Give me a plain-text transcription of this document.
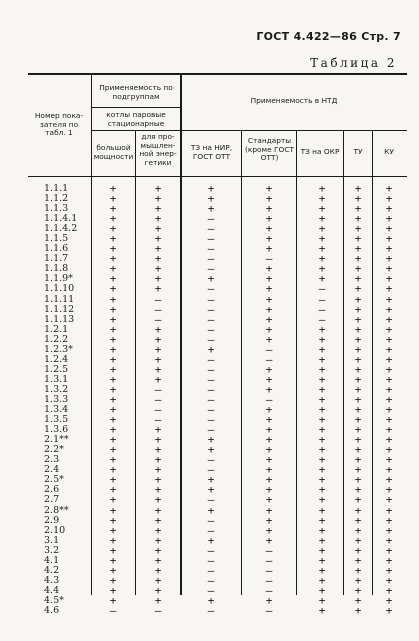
ГОСТ 4.422—86 Стр. 7
Таблица 2
Номер пока-зателя по табл. 1
Применяемость по подгруппам
котлы паровые стационарные
большой мощности
для про-мышлен-ной энер-гетики
Применяемость в НТД
ТЗ на НИР, ГОСТ ОТТ
Стандарты (кроме ГОСТ ОТТ)
ТЗ на ОКР	ТУ	КУ
1.1.1
1.1.2
1.1.3
1.1.4.1
1.1.4.2
1.1.5
1.1.6
1.1.7
1.1.8
1.1.9*
1.1.10
1.1.11
1.1.12
1.1.13
1.2.1
1.2.2
1.2.3*
1.2.4
1.2.5
1.3.1
1.3.2
1.3.3
1.3.4
1.3.5
1.3.6
2.1**
2.2*
2.3
2.4
2.5*
2.6
2.7
2.8**
2.9
2.10
3.1
3.2
4.1
4.2
4.3
4.4
4.5*
4.6
+
+
+
+
+
+
+
+
+
+
+
+
+
+
+
+
+
+
+
+
+
+
+
+
+
+
+
+
+
+
+
+
+
+
+
+
+
+
+
+
+
+
—
+
+
+
+
+
+
+
+
+
+
+
—
—
—
+
+
+
+
+
+
—
—
—
—
+
+
+
+
+
+
+
+
+
+
+
+
+
+
+
+
+
+
—
+
+
+
—
—
—
—
—
—
+
—
—
—
—
—
—
+
—
—
—
—
—
—
—
—
+
+
—
—
+
+
—
+
—
—
+
—
—
—
—
—
+
—
+
+
+
+
+
+
+
—
+
+
+
+
+
+
+
+
—
—
+
+
+
—
+
+
+
+
+
+
+
+
+
+
+
+
+
+
—
—
—
—
—
+
—
+
+
+
+
+
+
+
+
+
+
—
—
—
—
+
+
+
+
+
+
+
+
+
+
+
+
+
+
+
+
+
+
+
+
+
+
+
+
+
+
+
+
+
+
+
+
+
+
+
+
+
+
+
+
+
+
+
+
+
+
+
+
+
+
+
+
+
+
+
+
+
+
+
+
+
+
+
+
+
+
+
+
+
+
+
+
+
+
+
+
+
+
+
+
+
+
+
+
+
+
+
+
+
+
+
+
+
+
+
+
+
+
+
+
+
+
+
+
+
+
+
+
+
+
+
+
+
+
+
